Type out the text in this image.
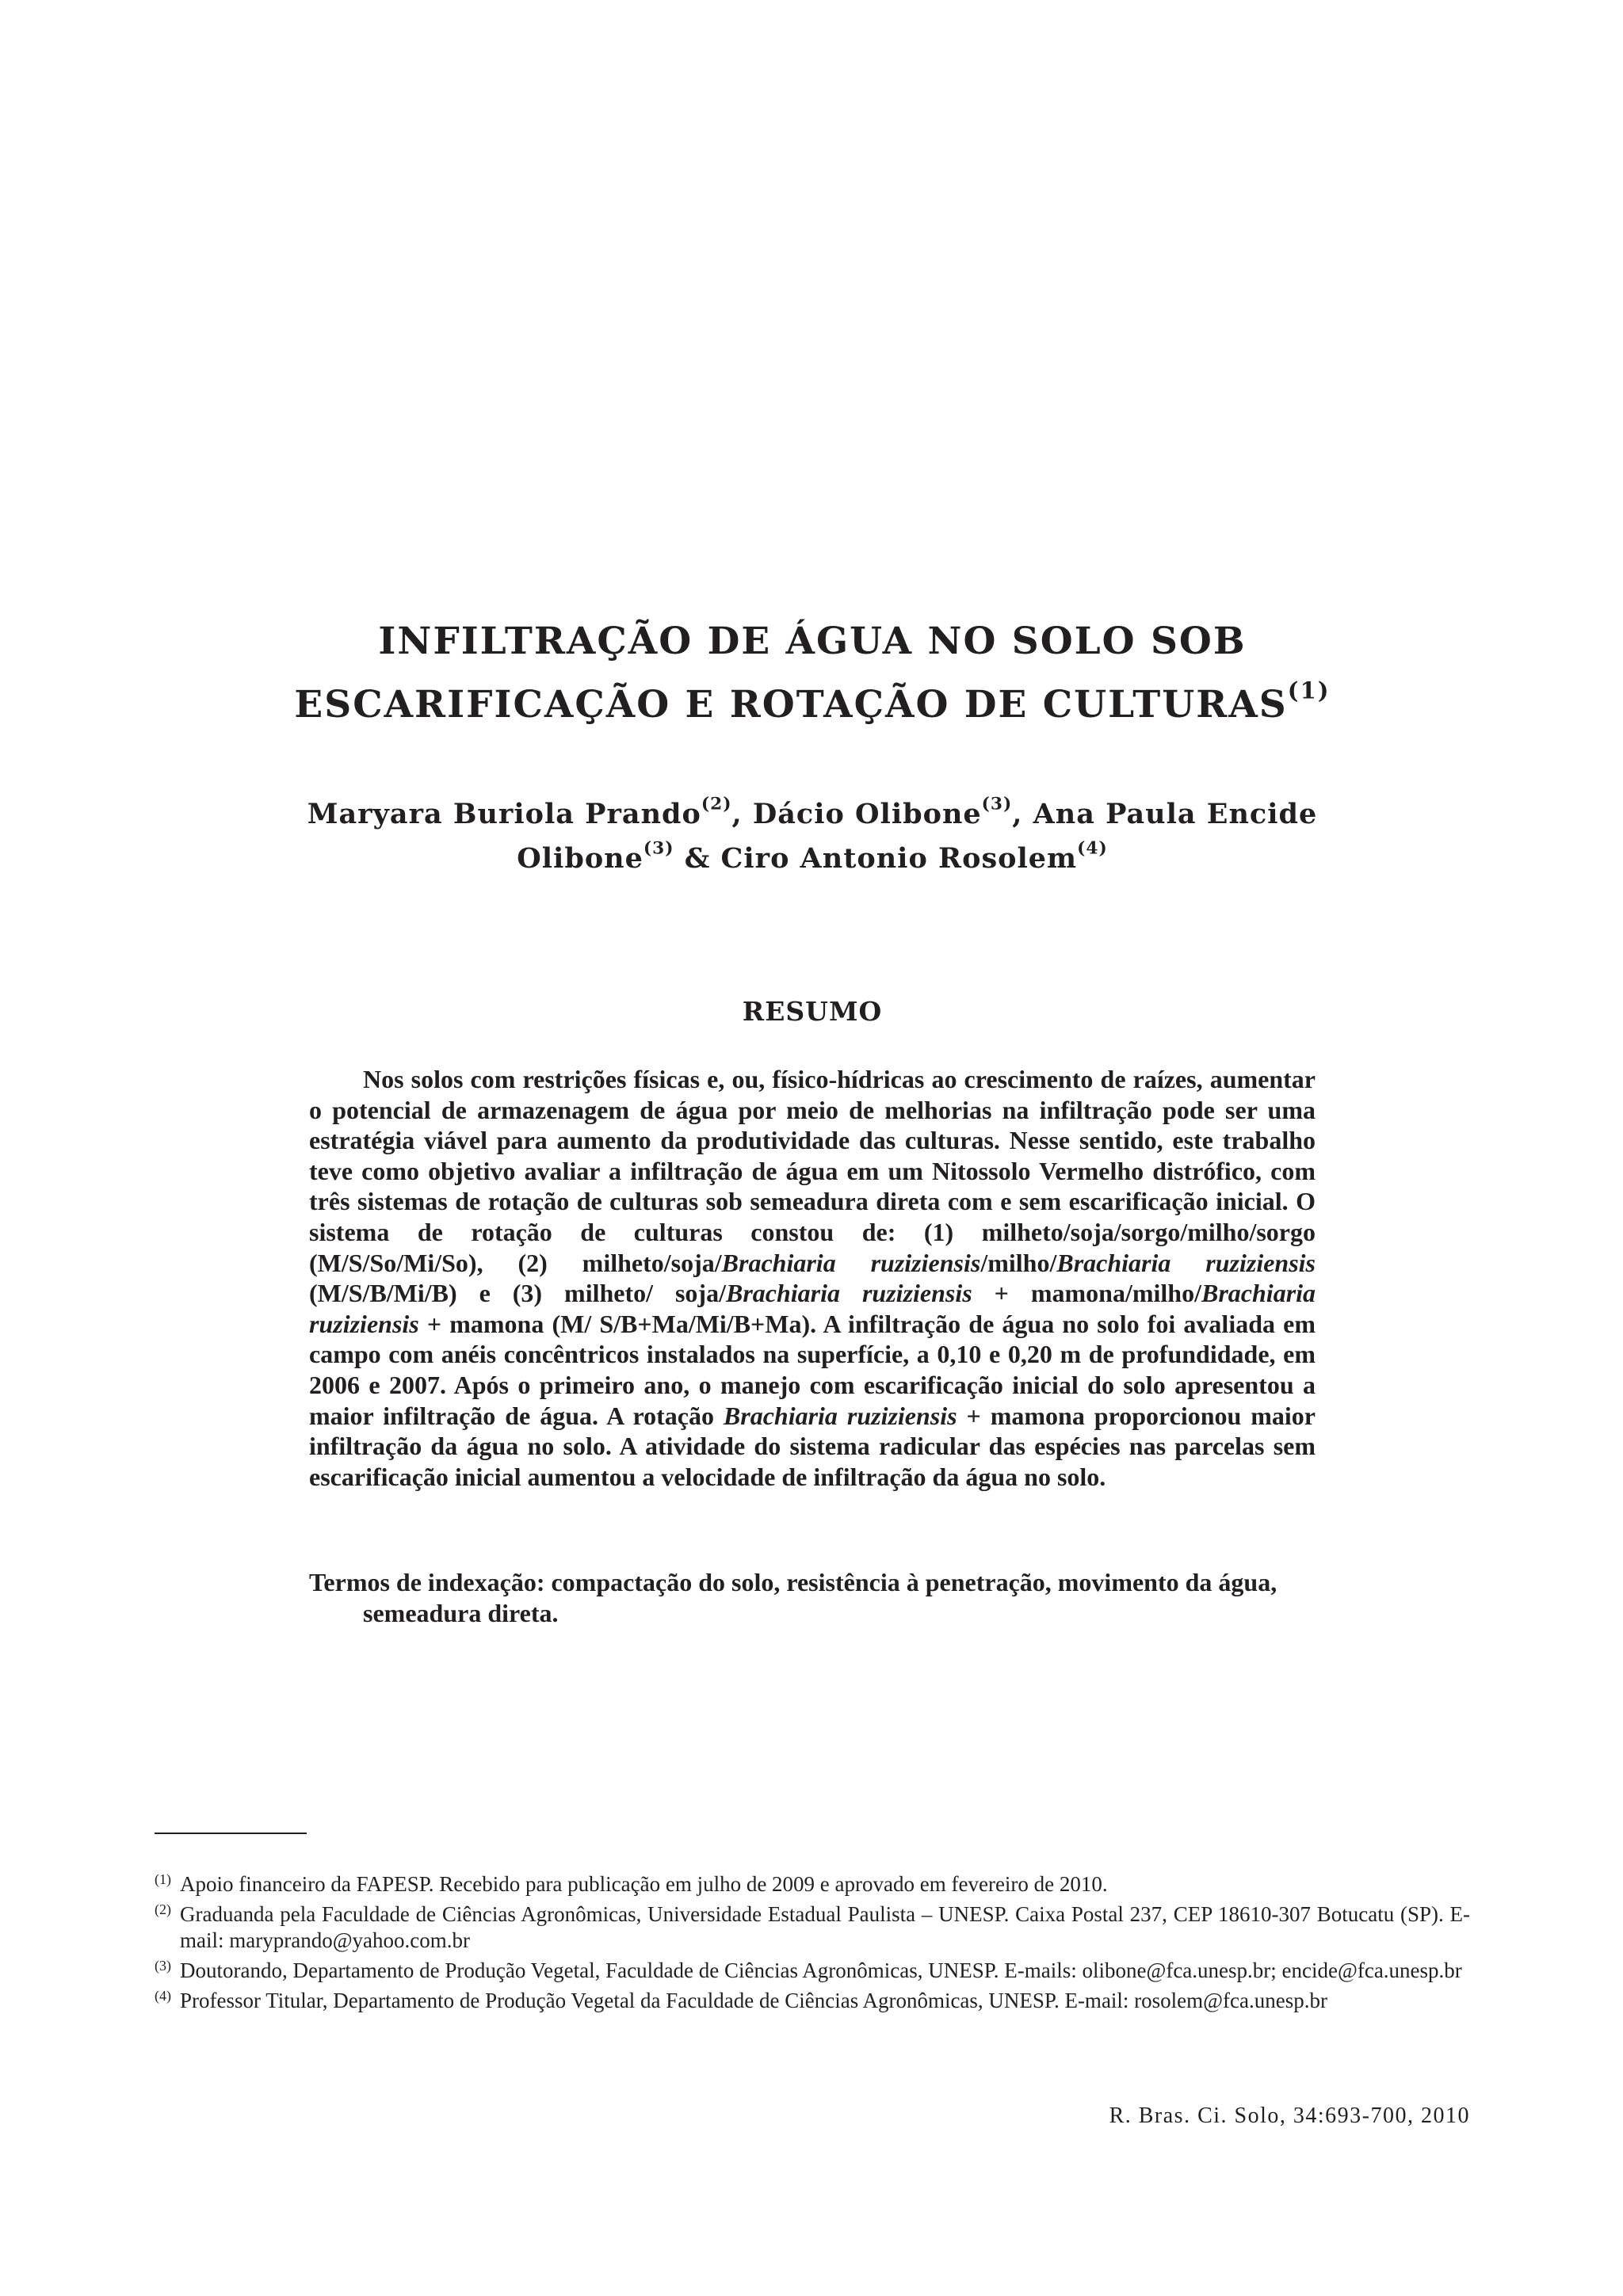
INFILTRAÇÃO DE ÁGUA NO SOLO SOB
ESCARIFICAÇÃO E ROTAÇÃO DE CULTURAS$^{(1)}$
Maryara Buriola Prando$^{(2)}$, Dácio Olibone$^{(3)}$, Ana Paula Encide
Olibone$^{(3)}$ & Ciro Antonio Rosolem$^{(4)}$
RESUMO

Nos solos com restrições físicas e, ou, físico-hídricas ao crescimento de raízes, aumentar o potencial de armazenagem de água por meio de melhorias na infiltração pode ser uma estratégia viável para aumento da produtividade das culturas. Nesse sentido, este trabalho teve como objetivo avaliar a infiltração de água em um Nitossolo Vermelho distrófico, com três sistemas de rotação de culturas sob semeadura direta com e sem escarificação inicial. O sistema de rotação de culturas constou de: (1) milheto/soja/sorgo/milho/sorgo (M/S/So/Mi/So), (2) milheto/soja/Brachiaria ruziziensis/milho/Brachiaria ruziziensis (M/S/B/Mi/B) e (3) milheto/ soja/Brachiaria ruziziensis + mamona/milho/Brachiaria ruziziensis + mamona (M/ S/B+Ma/Mi/B+Ma). A infiltração de água no solo foi avaliada em campo com anéis concêntricos instalados na superfície, a 0,10 e 0,20 m de profundidade, em 2006 e 2007. Após o primeiro ano, o manejo com escarificação inicial do solo apresentou a maior infiltração de água. A rotação Brachiaria ruziziensis + mamona proporcionou maior infiltração da água no solo. A atividade do sistema radicular das espécies nas parcelas sem escarificação inicial aumentou a velocidade de infiltração da água no solo.

Termos de indexação: compactação do solo, resistência à penetração, movimento da água, semeadura direta.

(1) Apoio financeiro da FAPESP. Recebido para publicação em julho de 2009 e aprovado em fevereiro de 2010.
(2) Graduanda pela Faculdade de Ciências Agronômicas, Universidade Estadual Paulista – UNESP. Caixa Postal 237, CEP 18610-307 Botucatu (SP). E-mail: maryprando@yahoo.com.br
(3) Doutorando, Departamento de Produção Vegetal, Faculdade de Ciências Agronômicas, UNESP. E-mails: olibone@fca.unesp.br; encide@fca.unesp.br
(4) Professor Titular, Departamento de Produção Vegetal da Faculdade de Ciências Agronômicas, UNESP. E-mail: rosolem@fca.unesp.br
R. Bras. Ci. Solo, 34:693-700, 2010
